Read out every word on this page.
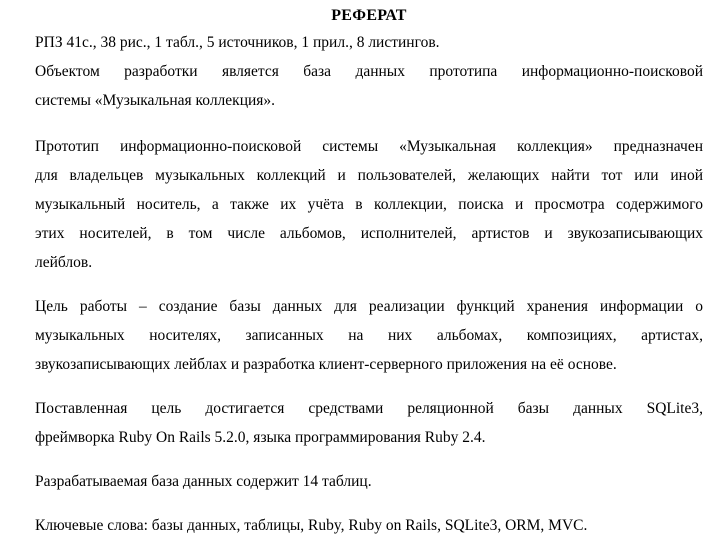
РЕФЕРАТ

РПЗ 41с., 38 рис., 1 табл., 5 источников, 1 прил., 8 листингов.

Объектом разработки является база данных прототипа информационно-поисковой
системы «Музыкальная коллекция».

Прототип информационно-поисковой системы «Музыкальная коллекция» предназначен
для владельцев музыкальных коллекций и пользователей, желающих найти тот или иной
музыкальный носитель, а также их учёта в коллекции, поиска и просмотра содержимого
этих носителей, в том числе альбомов, исполнителей, артистов и звукозаписывающих
лейблов.

Цель работы – создание базы данных для реализации функций хранения информации о
музыкальных носителях, записанных на них альбомах, композициях, артистах,
звукозаписывающих лейблах и разработка клиент-серверного приложения на её основе.

Поставленная цель достигается средствами реляционной базы данных SQLite3,
фреймворка Ruby On Rails 5.2.0, языка программирования Ruby 2.4.

Разрабатываемая база данных содержит 14 таблиц.

Ключевые слова: базы данных, таблицы, Ruby, Ruby on Rails, SQLite3, ORM, MVC.
